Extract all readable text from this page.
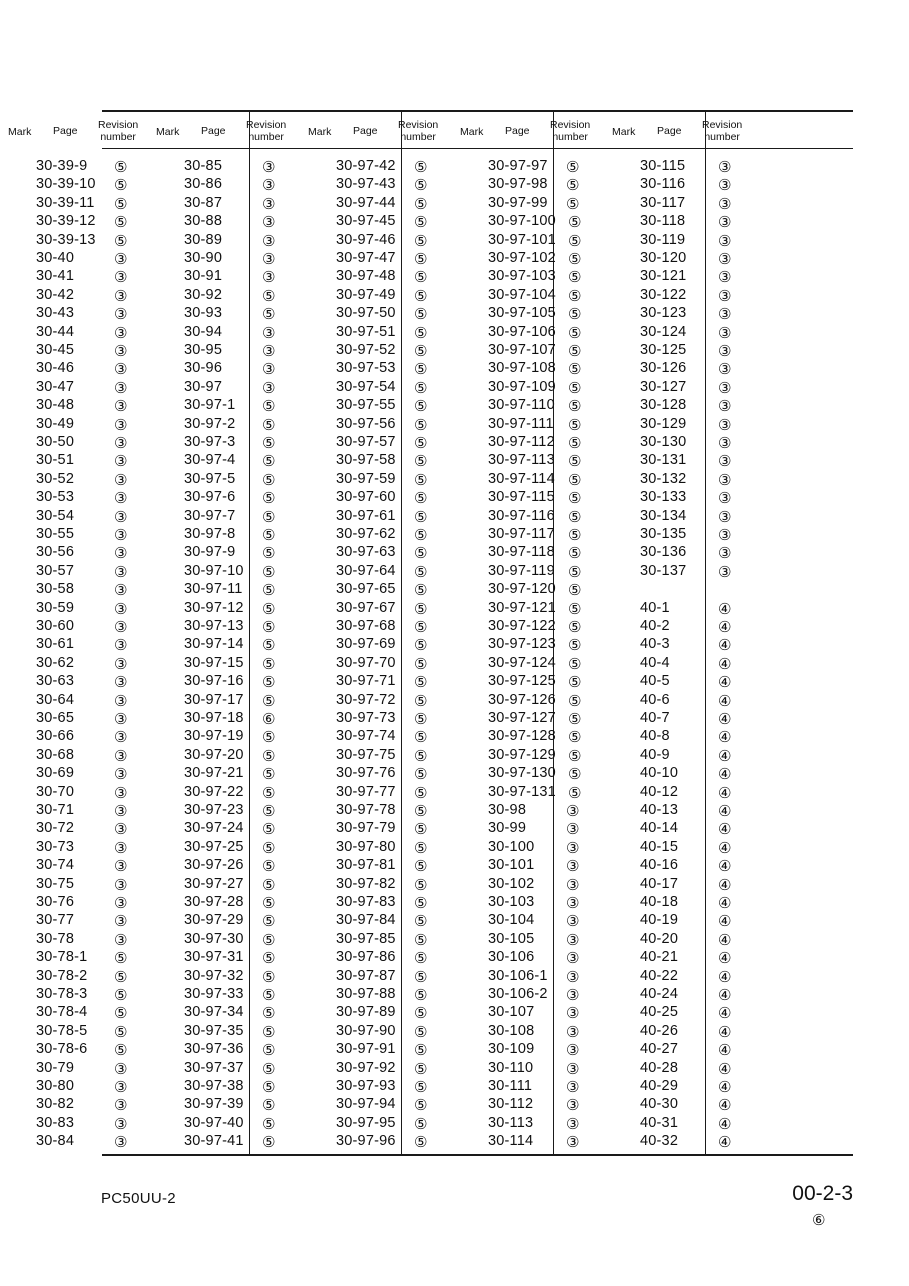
Mark Page Revision
number
30-39-9 ⑤
30-39-10 ⑤
30-39-11 ⑤
30-39-12 ⑤
30-39-13 ⑤
30-40	③
30-41	③
30-42	③
30-43	③
30-44	③
30-45	③
30-46	③
30-47	③
30-48	③
30-49	③
30-50	③
30-51	③
30-52	③
30-53	③
30-54	③
30-55	③
30-56	③
30-57	③
30-58	③
30-59	③
30-60	③
30-61	③
30-62	③
30-63	③
30-64	③
30-65	③
30-66	③
30-68	③
30-69	③
30-70	③
30-71	③
30-72	③
30-73	③
30-74	③
30-75	③
30-76	③
30-77	③
30-78	③
30-78-1 ⑤
30-78-2 ⑤
30-78-3 ⑤
30-78-4 ⑤
30-78-5 ⑤
30-78-6 ⑤
30-79	③
30-80	③
30-82	③
30-83	③
30-84	③
Mark Page Revision
number
30-85	③
30-86	③
30-87	③
30-88	③
30-89	③
30-90	③
30-91	③
30-92	⑤
30-93	⑤
30-94	③
30-95	③
30-96	③
30-97	③
30-97-1 ⑤
30-97-2 ⑤
30-97-3 ⑤
30-97-4 ⑤
30-97-5 ⑤
30-97-6 ⑤
30-97-7 ⑤
30-97-8 ⑤
30-97-9 ⑤
30-97-10 ⑤
30-97-11 ⑤
30-97-12 ⑤
30-97-13 ⑤
30-97-14 ⑤
30-97-15 ⑤
30-97-16 ⑤
30-97-17 ⑤
30-97-18 ⑥
30-97-19 ⑤
30-97-20 ⑤
30-97-21 ⑤
30-97-22 ⑤
30-97-23 ⑤
30-97-24 ⑤
30-97-25 ⑤
30-97-26 ⑤
30-97-27 ⑤
30-97-28 ⑤
30-97-29 ⑤
30-97-30 ⑤
30-97-31 ⑤
30-97-32 ⑤
30-97-33 ⑤
30-97-34 ⑤
30-97-35 ⑤
30-97-36 ⑤
30-97-37 ⑤
30-97-38 ⑤
30-97-39 ⑤
30-97-40 ⑤
30-97-41 ⑤
Mark Page Revision
number
30-97-42 ⑤
30-97-43 ⑤
30-97-44 ⑤
30-97-45 ⑤
30-97-46 ⑤
30-97-47 ⑤
30-97-48 ⑤
30-97-49 ⑤
30-97-50 ⑤
30-97-51 ⑤
30-97-52 ⑤
30-97-53 ⑤
30-97-54 ⑤
30-97-55 ⑤
30-97-56 ⑤
30-97-57 ⑤
30-97-58 ⑤
30-97-59 ⑤
30-97-60 ⑤
30-97-61 ⑤
30-97-62 ⑤
30-97-63 ⑤
30-97-64 ⑤
30-97-65 ⑤
30-97-67 ⑤
30-97-68 ⑤
30-97-69 ⑤
30-97-70 ⑤
30-97-71 ⑤
30-97-72 ⑤
30-97-73 ⑤
30-97-74 ⑤
30-97-75 ⑤
30-97-76 ⑤
30-97-77 ⑤
30-97-78 ⑤
30-97-79 ⑤
30-97-80 ⑤
30-97-81 ⑤
30-97-82 ⑤
30-97-83 ⑤
30-97-84 ⑤
30-97-85 ⑤
30-97-86 ⑤
30-97-87 ⑤
30-97-88 ⑤
30-97-89 ⑤
30-97-90 ⑤
30-97-91 ⑤
30-97-92 ⑤
30-97-93 ⑤
30-97-94 ⑤
30-97-95 ⑤
30-97-96 ⑤
Mark Page Revision
number
30-97-97 ⑤
30-97-98 ⑤
30-97-99 ⑤
30-97-100 ⑤
30-97-101 ⑤
30-97-102 ⑤
30-97-103 ⑤
30-97-104 ⑤
30-97-105 ⑤
30-97-106 ⑤
30-97-107 ⑤
30-97-108 ⑤
30-97-109 ⑤
30-97-110 ⑤
30-97-111 ⑤
30-97-112 ⑤
30-97-113 ⑤
30-97-114 ⑤
30-97-115 ⑤
30-97-116 ⑤
30-97-117 ⑤
30-97-118 ⑤
30-97-119 ⑤
30-97-120 ⑤
30-97-121 ⑤
30-97-122 ⑤
30-97-123 ⑤
30-97-124 ⑤
30-97-125 ⑤
30-97-126 ⑤
30-97-127 ⑤
30-97-128 ⑤
30-97-129 ⑤
30-97-130 ⑤
30-97-131 ⑤
30-98	③
30-99	③
30-100 ③
30-101 ③
30-102 ③
30-103 ③
30-104 ③
30-105 ③
30-106 ③
30-106-1 ③
30-106-2 ③
30-107 ③
30-108 ③
30-109 ③
30-110 ③
30-111 ③
30-112 ③
30-113 ③
30-114 ③
Mark Page Revision
number
30-115 ③
30-116 ③
30-117 ③
30-118 ③
30-119 ③
30-120 ③
30-121 ③
30-122 ③
30-123 ③
30-124 ③
30-125 ③
30-126 ③
30-127 ③
30-128 ③
30-129 ③
30-130 ③
30-131 ③
30-132 ③
30-133 ③
30-134 ③
30-135 ③
30-136 ③
30-137 ③
40-1	④
40-2	④
40-3	④
40-4	④
40-5	④
40-6	④
40-7	④
40-8	④
40-9	④
40-10	④
40-12	④
40-13	④
40-14	④
40-15	④
40-16	④
40-17	④
40-18	④
40-19	④
40-20	④
40-21	④
40-22	④
40-24	④
40-25	④
40-26	④
40-27	④
40-28	④
40-29	④
40-30	④
40-31	④
40-32	④
PC50UU-2	00-2-3
⑥
